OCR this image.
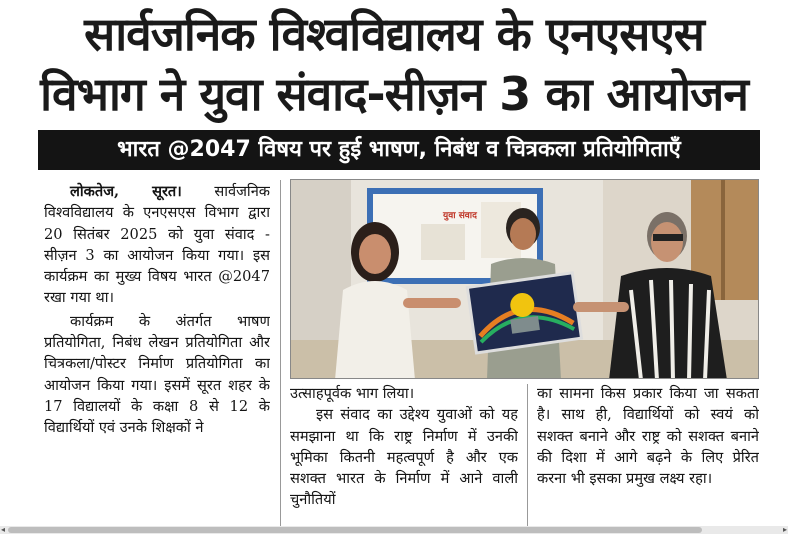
सार्वजनिक विश्वविद्यालय के एनएसएस
विभाग ने युवा संवाद-सीज़न 3 का आयोजन
भारत @2047 विषय पर हुई भाषण, निबंध व चित्रकला प्रतियोगिताएँ

लोकतेज, सूरत। सार्वजनिक विश्वविद्यालय के एनएसएस विभाग द्वारा 20 सितंबर 2025 को युवा संवाद - सीज़न 3 का आयोजन किया गया। इस कार्यक्रम का मुख्य विषय भारत @2047 रखा गया था।

कार्यक्रम के अंतर्गत भाषण प्रतियोगिता, निबंध लेखन प्रतियोगिता और चित्रकला/पोस्टर निर्माण प्रतियोगिता का आयोजन किया गया। इसमें सूरत शहर के 17 विद्यालयों के कक्षा 8 से 12 के विद्यार्थियों एवं उनके शिक्षकों ने

युवा संवाद

उत्साहपूर्वक भाग लिया।

इस संवाद का उद्देश्य युवाओं को यह समझाना था कि राष्ट्र निर्माण में उनकी भूमिका कितनी महत्वपूर्ण है और एक सशक्त भारत के निर्माण में आने वाली चुनौतियों

का सामना किस प्रकार किया जा सकता है। साथ ही, विद्यार्थियों को स्वयं को सशक्त बनाने और राष्ट्र को सशक्त बनाने की दिशा में आगे बढ़ने के लिए प्रेरित करना भी इसका प्रमुख लक्ष्य रहा।

◂	▸
